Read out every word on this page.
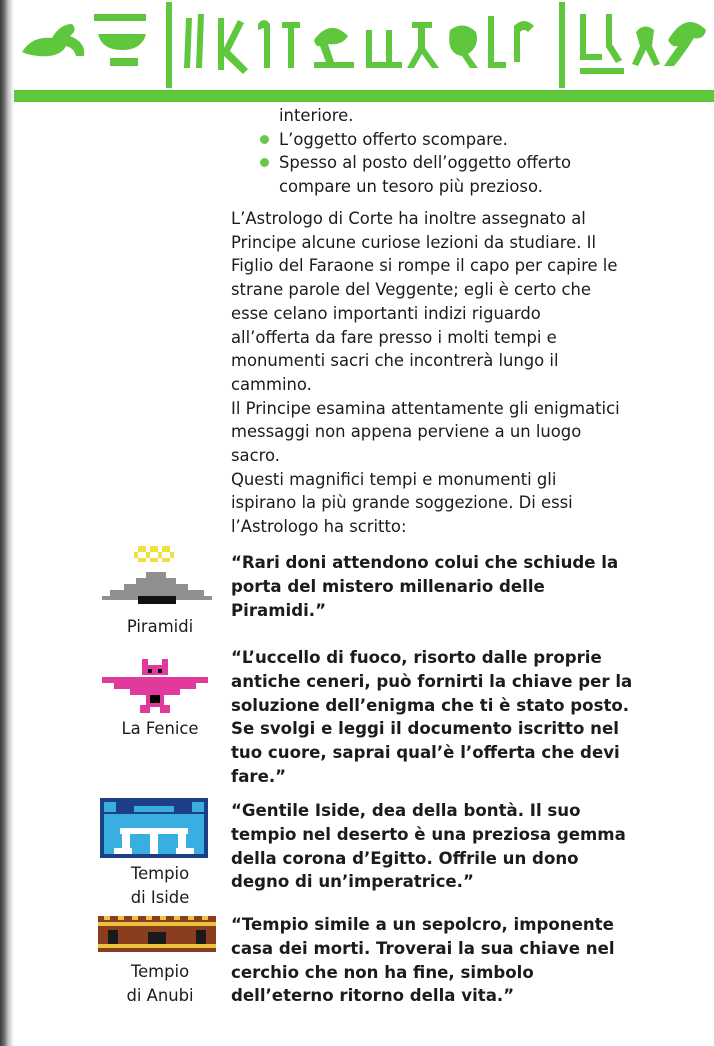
interiore.
L’oggetto offerto scompare.
Spesso al posto dell’oggetto offerto
compare un tesoro più prezioso.
L’Astrologo di Corte ha inoltre assegnato al
Principe alcune curiose lezioni da studiare. Il
Figlio del Faraone si rompe il capo per capire le
strane parole del Veggente; egli è certo che
esse celano importanti indizi riguardo
all’offerta da fare presso i molti tempi e
monumenti sacri che incontrerà lungo il
cammino.
Il Principe esamina attentamente gli enigmatici
messaggi non appena perviene a un luogo
sacro.
Questi magnifici tempi e monumenti gli
ispirano la più grande soggezione. Di essi
l’Astrologo ha scritto:
Piramidi
“Rari doni attendono colui che schiude la
porta del mistero millenario delle
Piramidi.”
La Fenice
“L’uccello di fuoco, risorto dalle proprie
antiche ceneri, può fornirti la chiave per la
soluzione dell’enigma che ti è stato posto.
Se svolgi e leggi il documento iscritto nel
tuo cuore, saprai qual’è l’offerta che devi
fare.”
Tempio
di Iside
“Gentile Iside, dea della bontà. Il suo
tempio nel deserto è una preziosa gemma
della corona d’Egitto. Offrile un dono
degno di un’imperatrice.”
Tempio
di Anubi
“Tempio simile a un sepolcro, imponente
casa dei morti. Troverai la sua chiave nel
cerchio che non ha fine, simbolo
dell’eterno ritorno della vita.”
